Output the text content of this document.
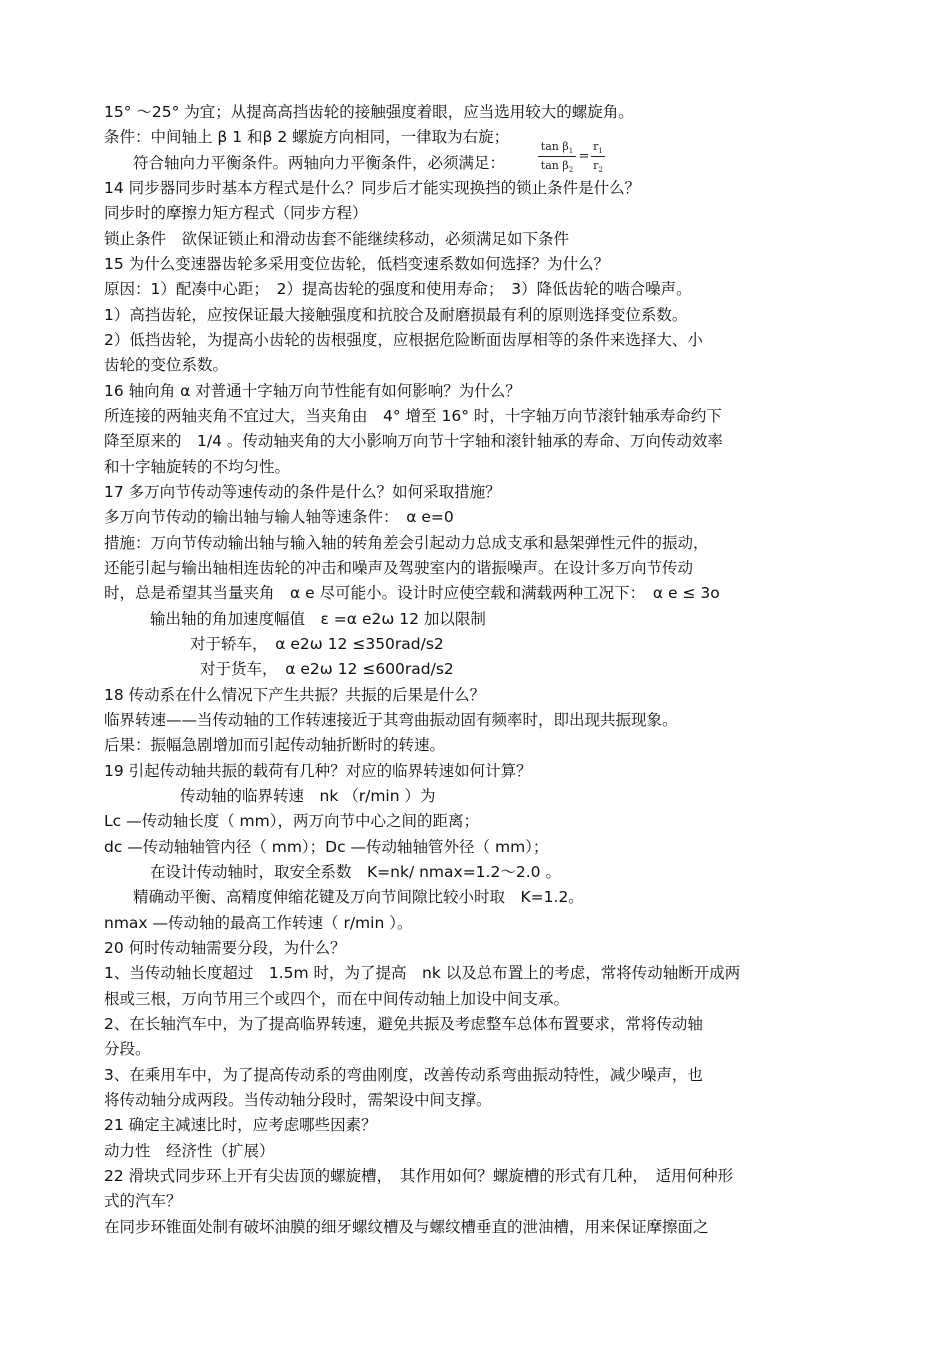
15° ～25° 为宜；从提高高挡齿轮的接触强度着眼，应当选用较大的螺旋角。

条件：中间轴上 β 1 和β 2 螺旋方向相同，一律取为右旋；

符合轴向力平衡条件。两轴向力平衡条件，必须满足：

14 同步器同步时基本方程式是什么？同步后才能实现换挡的锁止条件是什么？

同步时的摩擦力矩方程式（同步方程）

锁止条件　欲保证锁止和滑动齿套不能继续移动，必须满足如下条件

15 为什么变速器齿轮多采用变位齿轮，低档变速系数如何选择？为什么？

原因：1）配凑中心距；　2）提高齿轮的强度和使用寿命；　3）降低齿轮的啮合噪声。

1）高挡齿轮，应按保证最大接触强度和抗胶合及耐磨损最有利的原则选择变位系数。

2）低挡齿轮，为提高小齿轮的齿根强度，应根据危险断面齿厚相等的条件来选择大、小

齿轮的变位系数。

16 轴向角 α 对普通十字轴万向节性能有如何影响？为什么？

所连接的两轴夹角不宜过大，当夹角由　4° 增至 16° 时，十字轴万向节滚针轴承寿命约下

降至原来的　1/4 。传动轴夹角的大小影响万向节十字轴和滚针轴承的寿命、万向传动效率

和十字轴旋转的不均匀性。

17 多万向节传动等速传动的条件是什么？如何采取措施？

多万向节传动的输出轴与输人轴等速条件：　α e=0

措施：万向节传动输出轴与输入轴的转角差会引起动力总成支承和悬架弹性元件的振动，

还能引起与输出轴相连齿轮的冲击和噪声及驾驶室内的谐振噪声。在设计多万向节传动

时，总是希望其当量夹角　α e 尽可能小。设计时应使空载和满载两种工况下：　α e ≤ 3o

输出轴的角加速度幅值　ε =α e2ω 12 加以限制

对于轿车，　α e2ω 12 ≤350rad/s2

对于货车，　α e2ω 12 ≤600rad/s2

18 传动系在什么情况下产生共振？共振的后果是什么？

临界转速——当传动轴的工作转速接近于其弯曲振动固有频率时，即出现共振现象。

后果：振幅急剧增加而引起传动轴折断时的转速。

19 引起传动轴共振的载荷有几种？对应的临界转速如何计算？

传动轴的临界转速　nk （r/min ）为

Lc —传动轴长度（ mm），两万向节中心之间的距离；

dc —传动轴轴管内径（ mm）；Dc —传动轴轴管外径（ mm）；

在设计传动轴时，取安全系数　K=nk/ nmax=1.2～2.0 。

精确动平衡、高精度伸缩花键及万向节间隙比较小时取　K=1.2。

nmax —传动轴的最高工作转速（ r/min ）。

20 何时传动轴需要分段，为什么？

1、当传动轴长度超过　1.5m 时，为了提高　nk 以及总布置上的考虑，常将传动轴断开成两

根或三根，万向节用三个或四个，而在中间传动轴上加设中间支承。

2、在长轴汽车中，为了提高临界转速，避免共振及考虑整车总体布置要求，常将传动轴

分段。

3、在乘用车中，为了提高传动系的弯曲刚度，改善传动系弯曲振动特性，减少噪声，也

将传动轴分成两段。当传动轴分段时，需架设中间支撑。

21 确定主减速比时，应考虑哪些因素？

动力性　经济性（扩展）

22 滑块式同步环上开有尖齿顶的螺旋槽，　其作用如何？螺旋槽的形式有几种，　适用何种形

式的汽车？

在同步环锥面处制有破坏油膜的细牙螺纹槽及与螺纹槽垂直的泄油槽，用来保证摩擦面之

$\tan \beta_1$
$\tan \beta_2$
=
$r_1$
$r_2$
